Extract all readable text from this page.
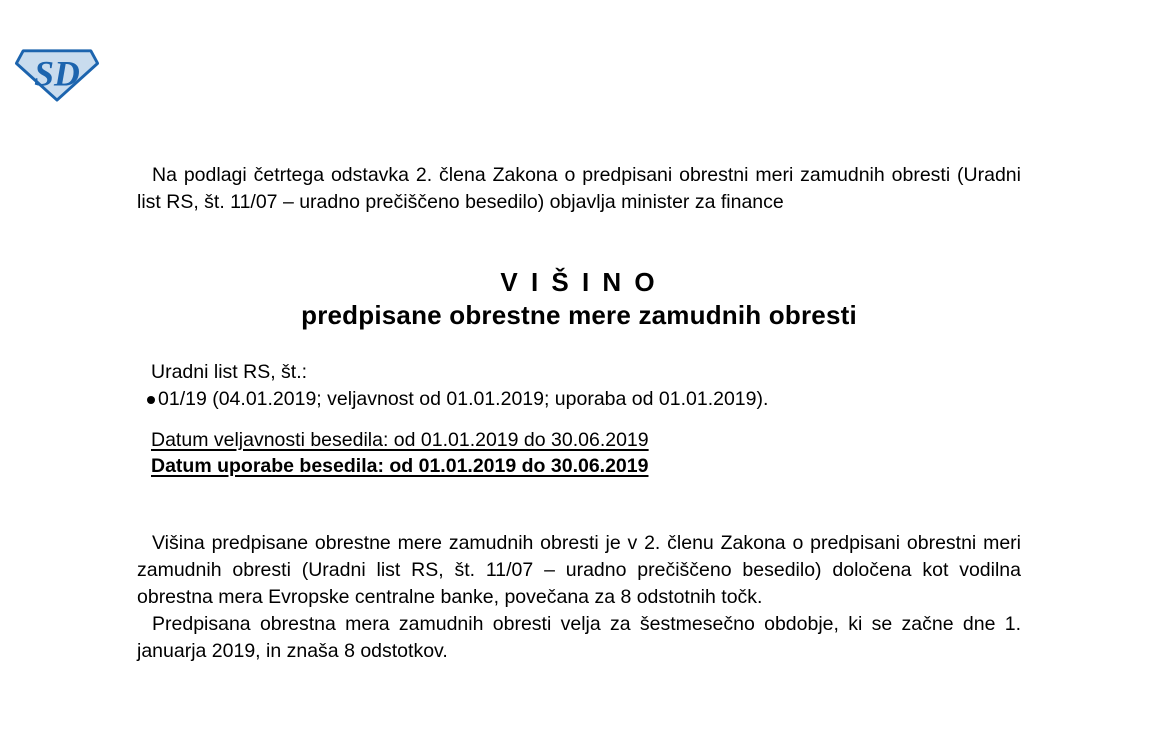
SD

Na podlagi četrtega odstavka 2. člena Zakona o predpisani obrestni meri zamudnih obresti (Uradni list RS, št. 11/07 – uradno prečiščeno besedilo) objavlja minister za finance

V I Š I N O
predpisane obrestne mere zamudnih obresti
Uradni list RS, št.:
01/19 (04.01.2019; veljavnost od 01.01.2019; uporaba od 01.01.2019).
Datum veljavnosti besedila: od 01.01.2019 do 30.06.2019
Datum uporabe besedila: od 01.01.2019 do 30.06.2019

Višina predpisane obrestne mere zamudnih obresti je v 2. členu Zakona o predpisani obrestni meri zamudnih obresti (Uradni list RS, št. 11/07 – uradno prečiščeno besedilo) določena kot vodilna obrestna mera Evropske centralne banke, povečana za 8 odstotnih točk.

Predpisana obrestna mera zamudnih obresti velja za šestmesečno obdobje, ki se začne dne 1. januarja 2019, in znaša 8 odstotkov.
